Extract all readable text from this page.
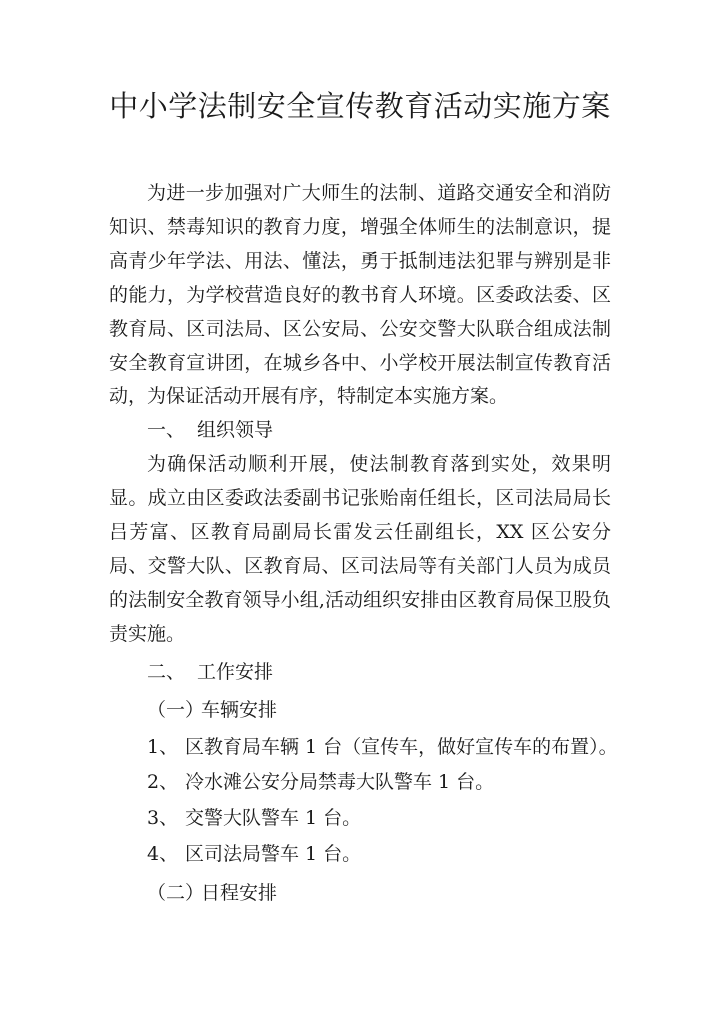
中小学法制安全宣传教育活动实施方案

为进一步加强对广大师生的法制、道路交通安全和消防知识、禁毒知识的教育力度，增强全体师生的法制意识，提高青少年学法、用法、懂法，勇于抵制违法犯罪与辨别是非的能力，为学校营造良好的教书育人环境。区委政法委、区教育局、区司法局、区公安局、公安交警大队联合组成法制安全教育宣讲团，在城乡各中、小学校开展法制宣传教育活动，为保证活动开展有序，特制定本实施方案。

一、 组织领导

为确保活动顺利开展，使法制教育落到实处，效果明显。成立由区委政法委副书记张贻南任组长，区司法局局长吕芳富、区教育局副局长雷发云任副组长，XX 区公安分局、交警大队、区教育局、区司法局等有关部门人员为成员的法制安全教育领导小组,活动组织安排由区教育局保卫股负责实施。

二、 工作安排

（一）车辆安排

1、 区教育局车辆 1 台（宣传车，做好宣传车的布置）。

2、 冷水滩公安分局禁毒大队警车 1 台。

3、 交警大队警车 1 台。

4、 区司法局警车 1 台。

（二）日程安排
